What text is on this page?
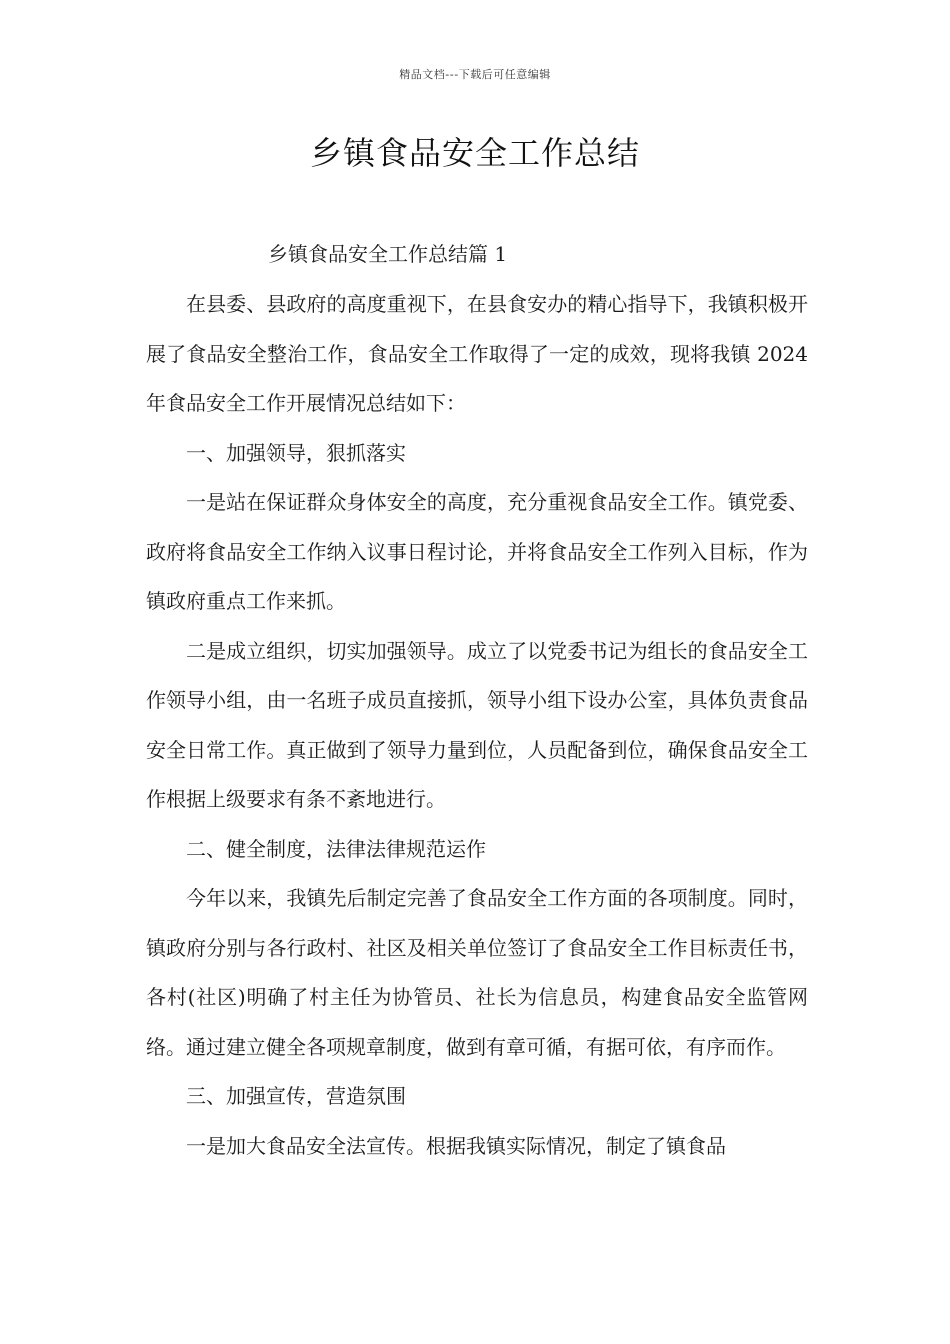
精品文档---下载后可任意编辑
乡镇食品安全工作总结
乡镇食品安全工作总结篇 1

在县委、县政府的高度重视下，在县食安办的精心指导下，我镇积极开展了食品安全整治工作，食品安全工作取得了一定的成效，现将我镇 2024 年食品安全工作开展情况总结如下：

一、加强领导，狠抓落实

一是站在保证群众身体安全的高度，充分重视食品安全工作。镇党委、政府将食品安全工作纳入议事日程讨论，并将食品安全工作列入目标，作为镇政府重点工作来抓。

二是成立组织，切实加强领导。成立了以党委书记为组长的食品安全工作领导小组，由一名班子成员直接抓，领导小组下设办公室，具体负责食品安全日常工作。真正做到了领导力量到位，人员配备到位，确保食品安全工作根据上级要求有条不紊地进行。

二、健全制度，法律法律规范运作

今年以来，我镇先后制定完善了食品安全工作方面的各项制度。同时，镇政府分别与各行政村、社区及相关单位签订了食品安全工作目标责任书，各村(社区)明确了村主任为协管员、社长为信息员，构建食品安全监管网络。通过建立健全各项规章制度，做到有章可循，有据可依，有序而作。

三、加强宣传，营造氛围

一是加大食品安全法宣传。根据我镇实际情况，制定了镇食品
